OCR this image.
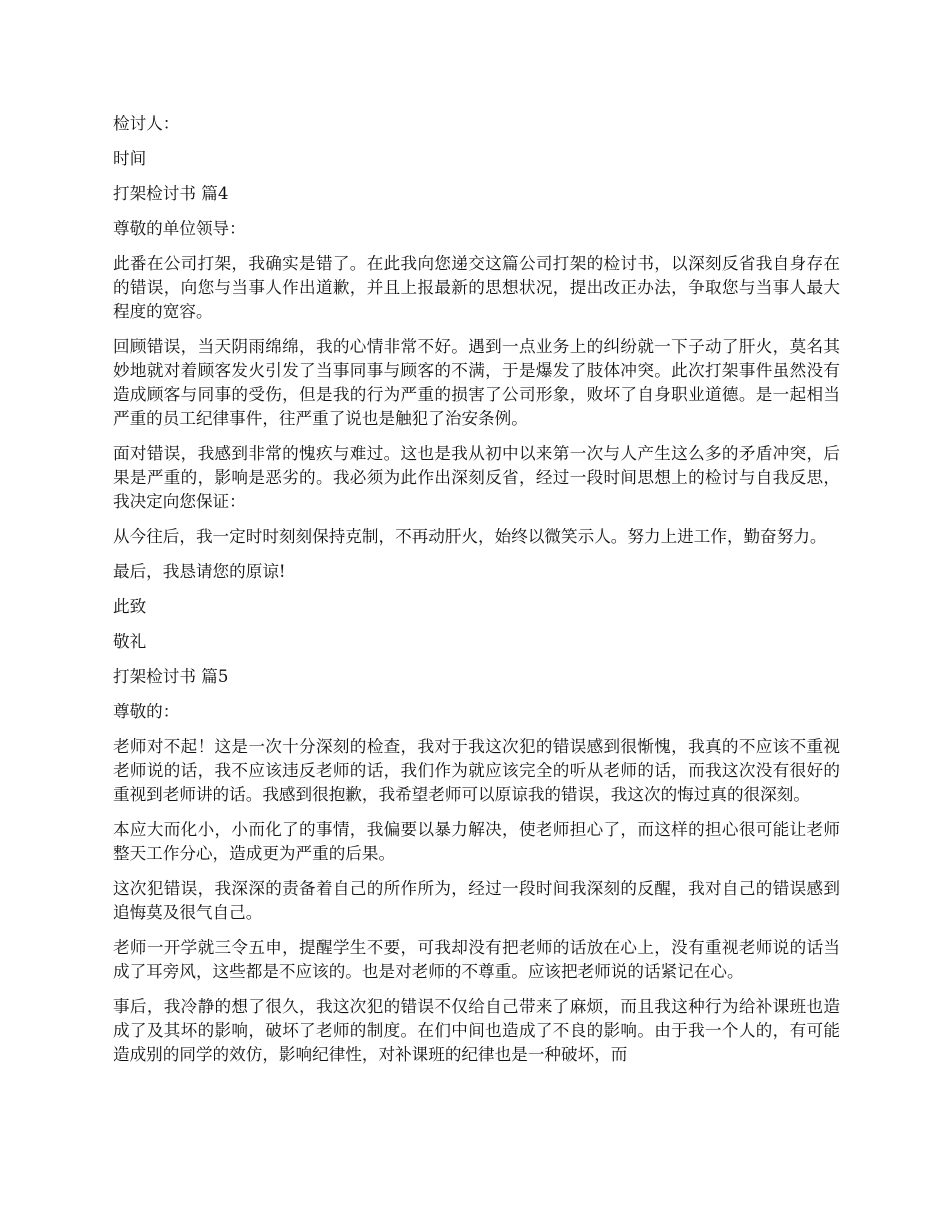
检讨人：

时间

打架检讨书 篇4

尊敬的单位领导：

此番在公司打架，我确实是错了。在此我向您递交这篇公司打架的检讨书，以深刻反省我自身存在的错误，向您与当事人作出道歉，并且上报最新的思想状况，提出改正办法，争取您与当事人最大程度的宽容。

回顾错误，当天阴雨绵绵，我的心情非常不好。遇到一点业务上的纠纷就一下子动了肝火，莫名其妙地就对着顾客发火引发了当事同事与顾客的不满，于是爆发了肢体冲突。此次打架事件虽然没有造成顾客与同事的受伤，但是我的行为严重的损害了公司形象，败坏了自身职业道德。是一起相当严重的员工纪律事件，往严重了说也是触犯了治安条例。

面对错误，我感到非常的愧疚与难过。这也是我从初中以来第一次与人产生这么多的矛盾冲突，后果是严重的，影响是恶劣的。我必须为此作出深刻反省，经过一段时间思想上的检讨与自我反思，我决定向您保证：

从今往后，我一定时时刻刻保持克制，不再动肝火，始终以微笑示人。努力上进工作，勤奋努力。

最后，我恳请您的原谅!

此致

敬礼

打架检讨书 篇5

尊敬的：

老师对不起！这是一次十分深刻的检查，我对于我这次犯的错误感到很惭愧，我真的不应该不重视老师说的话，我不应该违反老师的话，我们作为就应该完全的听从老师的话，而我这次没有很好的重视到老师讲的话。我感到很抱歉，我希望老师可以原谅我的错误，我这次的悔过真的很深刻。

本应大而化小，小而化了的事情，我偏要以暴力解决，使老师担心了，而这样的担心很可能让老师整天工作分心，造成更为严重的后果。

这次犯错误，我深深的责备着自己的所作所为，经过一段时间我深刻的反醒，我对自己的错误感到追悔莫及很气自己。

老师一开学就三令五申，提醒学生不要，可我却没有把老师的话放在心上，没有重视老师说的话当成了耳旁风，这些都是不应该的。也是对老师的不尊重。应该把老师说的话紧记在心。

事后，我冷静的想了很久，我这次犯的错误不仅给自己带来了麻烦，而且我这种行为给补课班也造成了及其坏的影响，破坏了老师的制度。在们中间也造成了不良的影响。由于我一个人的，有可能造成别的同学的效仿，影响纪律性，对补课班的纪律也是一种破坏，而
